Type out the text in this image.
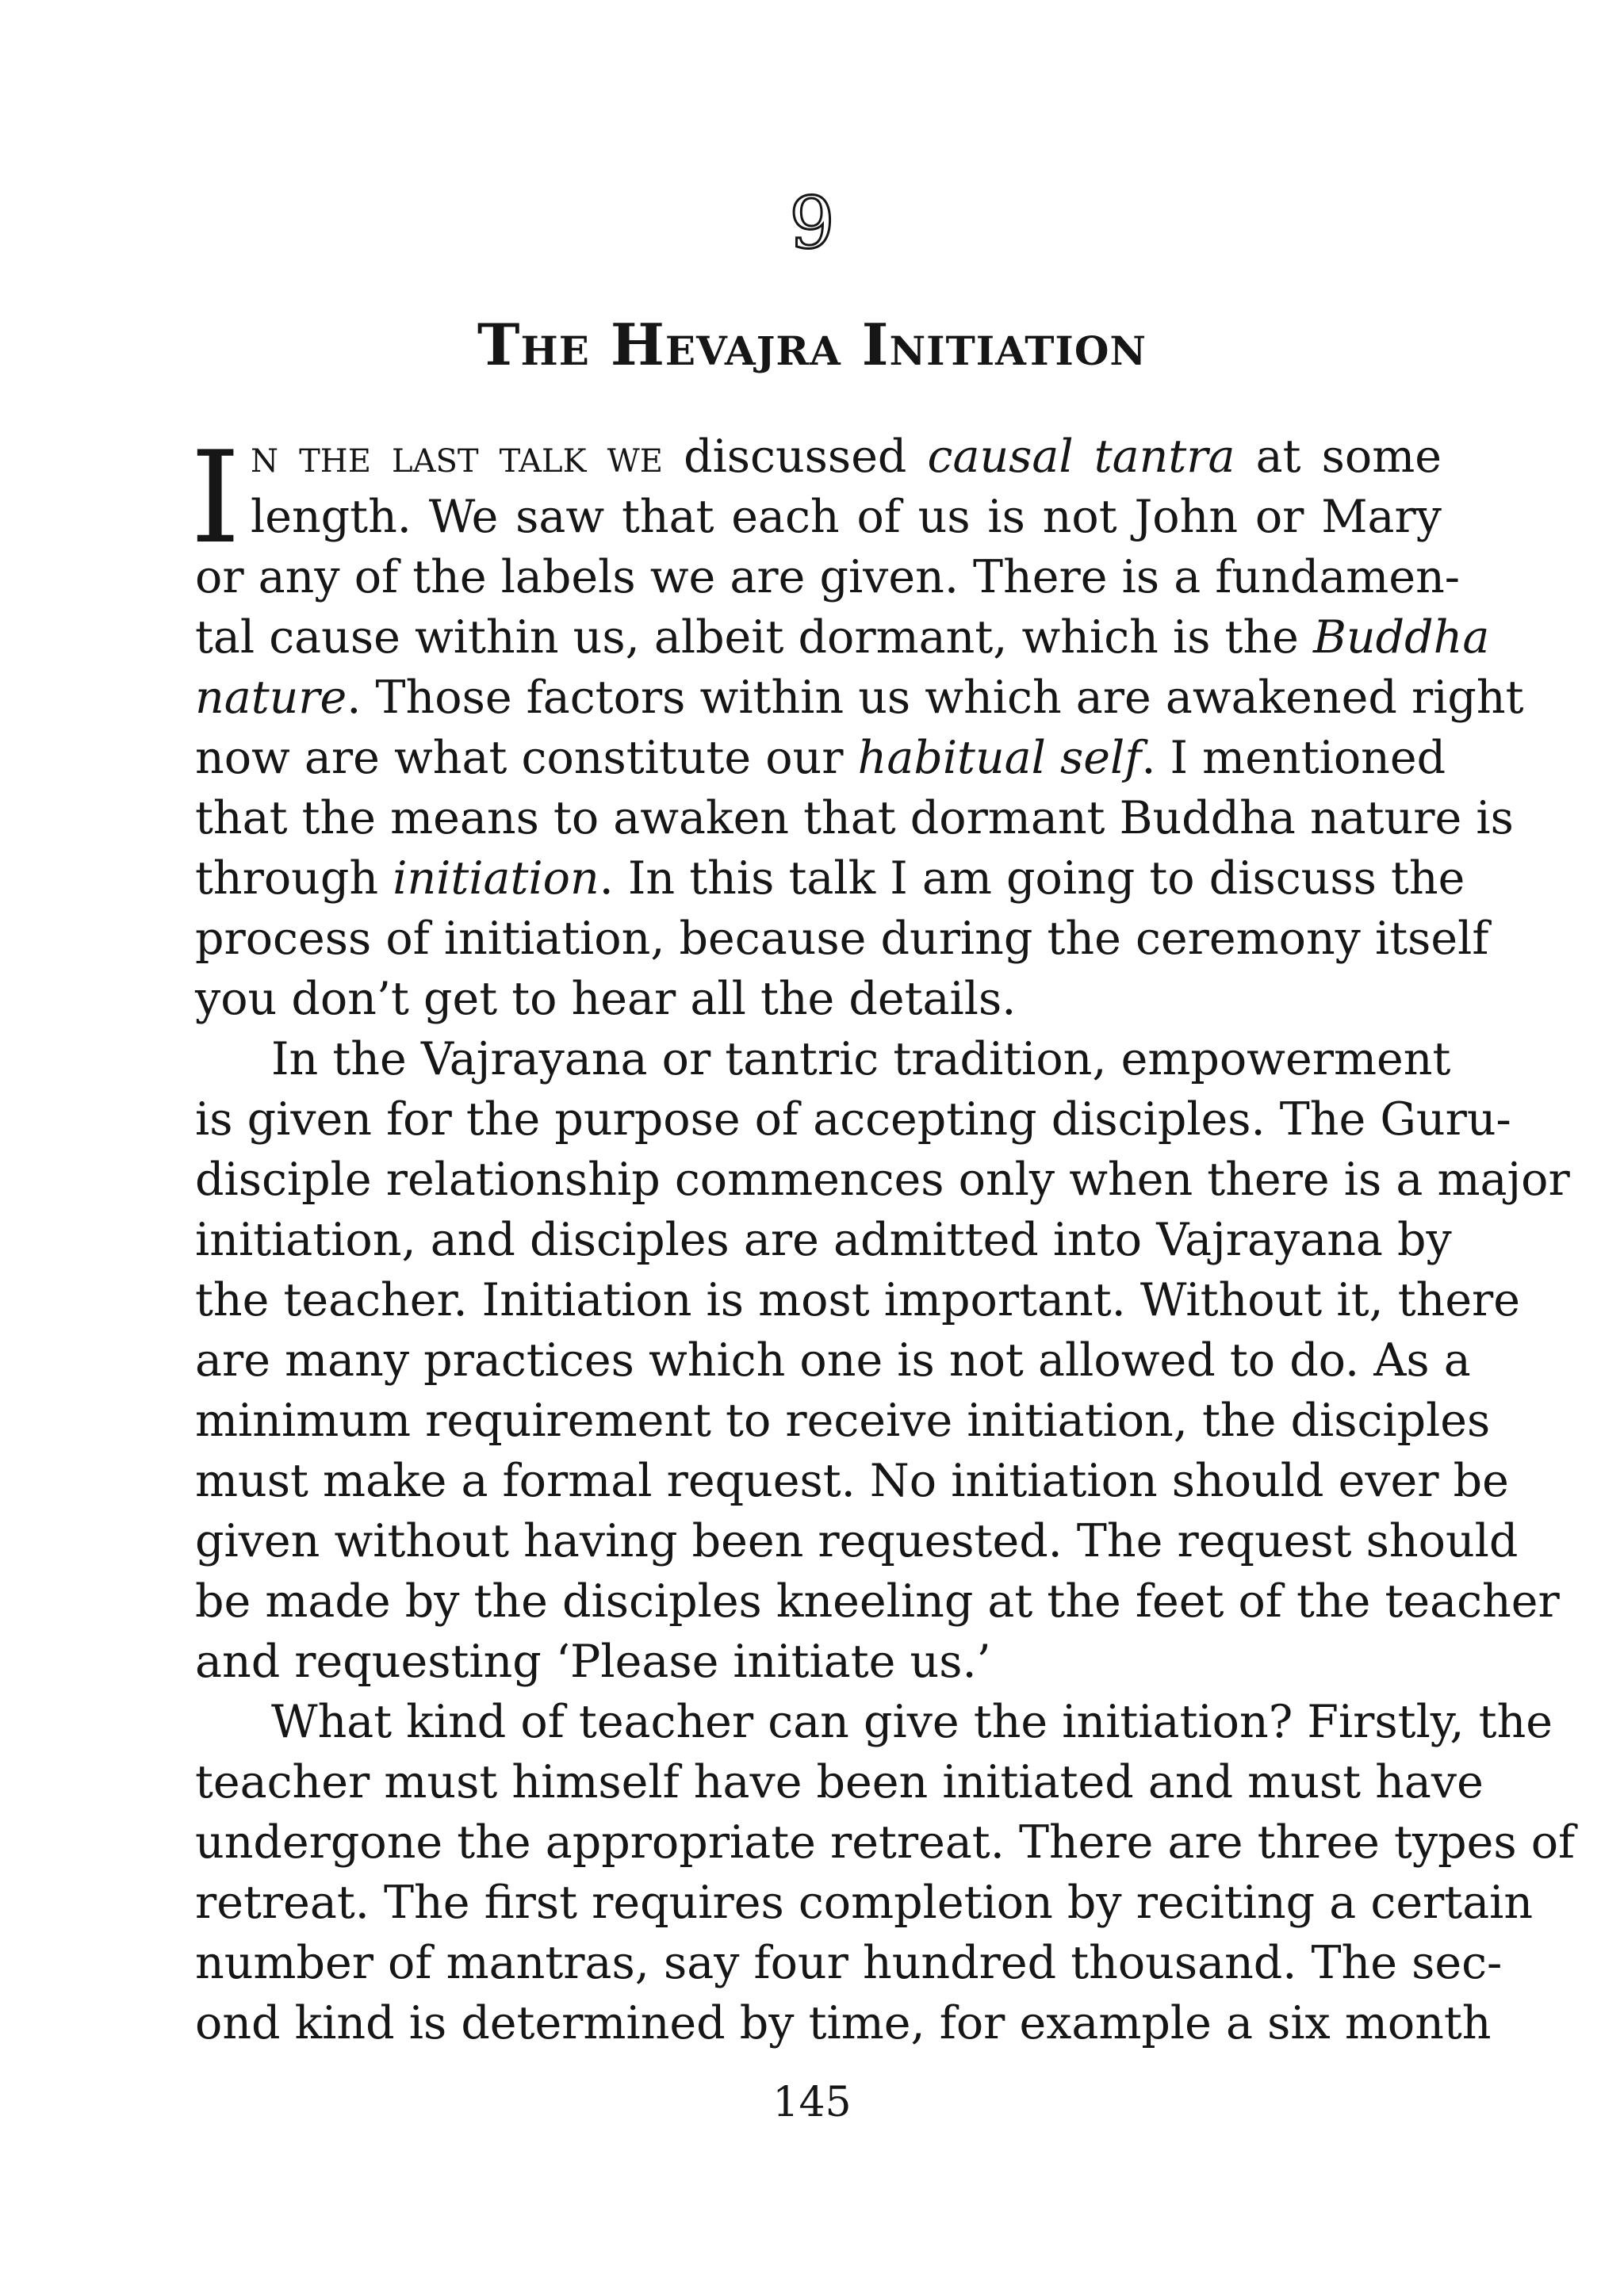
9
The Hevajra Initiation
I n the last talk we discussed causal tantra at some
length. We saw that each of us is not John or Mary
or any of the labels we are given. There is a fundamen-
tal cause within us, albeit dormant, which is the Buddha
nature. Those factors within us which are awakened right
now are what constitute our habitual self. I mentioned
that the means to awaken that dormant Buddha nature is
through initiation. In this talk I am going to discuss the
process of initiation, because during the ceremony itself
you don’t get to hear all the details.
In the Vajrayana or tantric tradition, empowerment
is given for the purpose of accepting disciples. The Guru-
disciple relationship commences only when there is a major
initiation, and disciples are admitted into Vajrayana by
the teacher. Initiation is most important. Without it, there
are many practices which one is not allowed to do. As a
minimum requirement to receive initiation, the disciples
must make a formal request. No initiation should ever be
given without having been requested. The request should
be made by the disciples kneeling at the feet of the teacher
and requesting ‘Please initiate us.’
What kind of teacher can give the initiation? Firstly, the
teacher must himself have been initiated and must have
undergone the appropriate retreat. There are three types of
retreat. The first requires completion by reciting a certain
number of mantras, say four hundred thousand. The sec-
ond kind is determined by time, for example a six month
145
